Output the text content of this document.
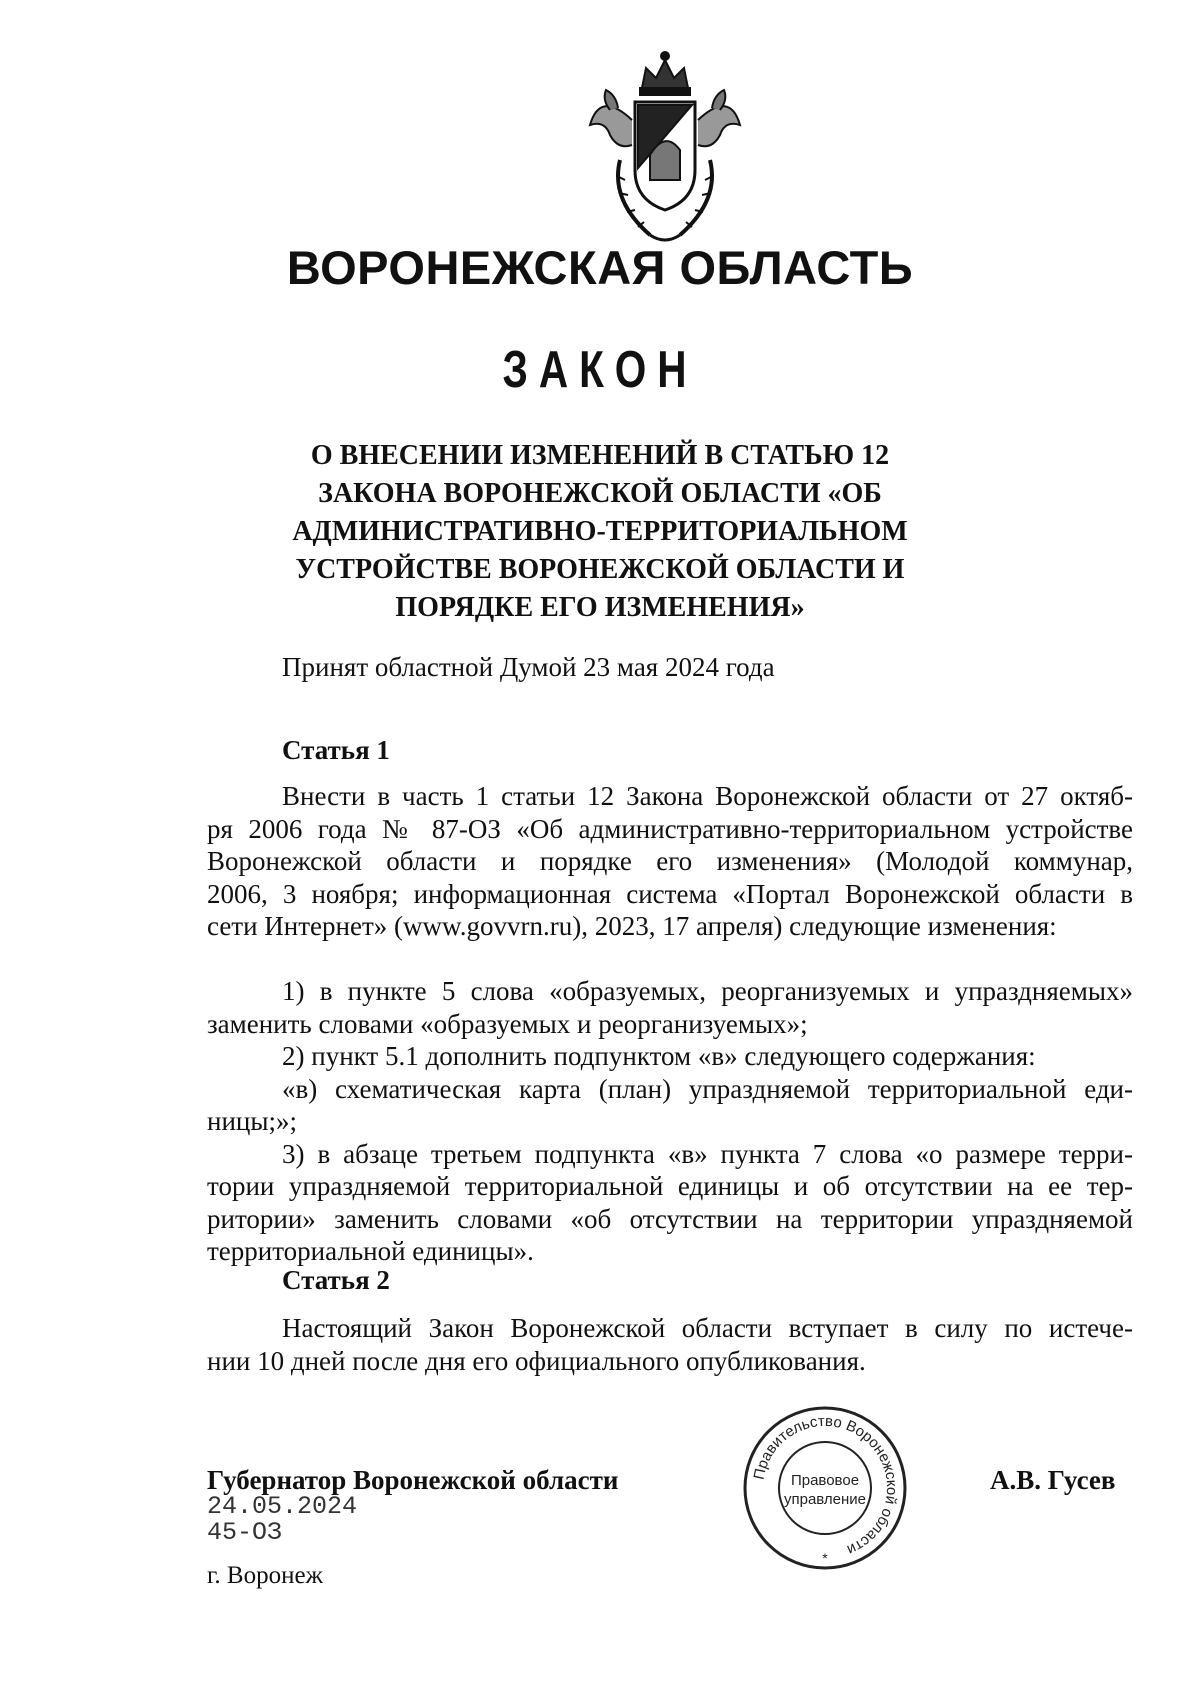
ВОРОНЕЖСКАЯ ОБЛАСТЬ
ЗАКОН
О ВНЕСЕНИИ ИЗМЕНЕНИЙ В СТАТЬЮ 12
ЗАКОНА ВОРОНЕЖСКОЙ ОБЛАСТИ «ОБ
АДМИНИСТРАТИВНО-ТЕРРИТОРИАЛЬНОМ
УСТРОЙСТВЕ ВОРОНЕЖСКОЙ ОБЛАСТИ И
ПОРЯДКЕ ЕГО ИЗМЕНЕНИЯ»

Принят областной Думой 23 мая 2024 года

Статья 1

Внести в часть 1 статьи 12 Закона Воронежской области от 27 октяб-
ря 2006 года № 87-ОЗ «Об административно-территориальном устройстве
Воронежской области и порядке его изменения» (Молодой коммунар,
2006, 3 ноября; информационная система «Портал Воронежской области в
сети Интернет» (www.govvrn.ru), 2023, 17 апреля) следующие изменения:

1) в пункте 5 слова «образуемых, реорганизуемых и упраздняемых»
заменить словами «образуемых и реорганизуемых»;

2) пункт 5.1 дополнить подпунктом «в» следующего содержания:

«в) схематическая карта (план) упраздняемой территориальной еди-
ницы;»;

3) в абзаце третьем подпункта «в» пункта 7 слова «о размере терри-
тории упраздняемой территориальной единицы и об отсутствии на ее тер-
ритории» заменить словами «об отсутствии на территории упраздняемой
территориальной единицы».

Статья 2

Настоящий Закон Воронежской области вступает в силу по истече-
нии 10 дней после дня его официального опубликования.

Губернатор Воронежской области

24.05.2024

45-ОЗ

г. Воронеж

А.В. Гусев

Правительство Воронежской области
Правовое
управление
*
